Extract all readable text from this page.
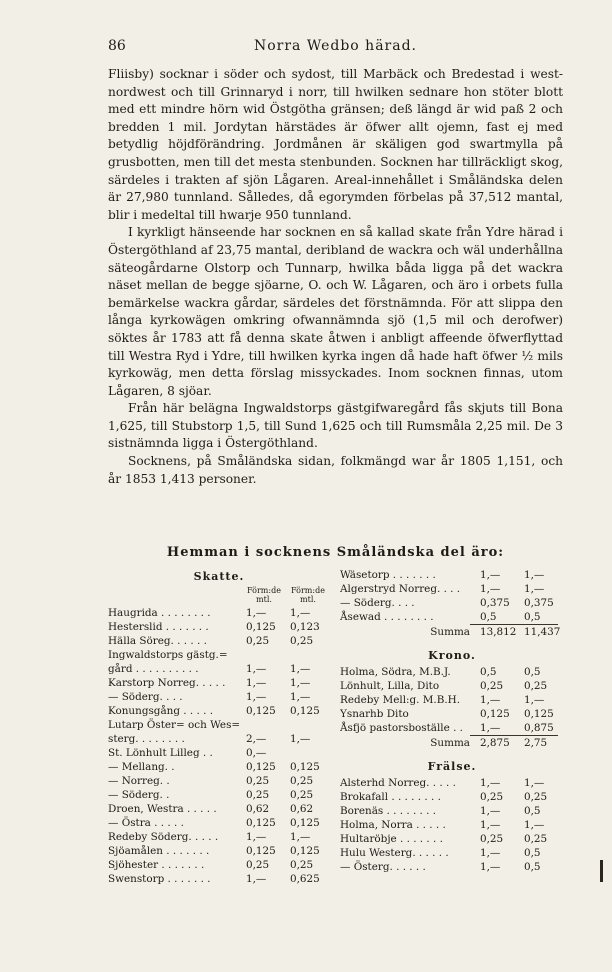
86	Norra Wedbo härad.

Fliisby) socknar i söder och sydost, till Marbäck och Bredestad i west-nordwest och till Grinnaryd i norr, till hwilken sednare hon stöter blott med ett mindre hörn wid Östgötha gränsen; deß längd är wid paß 2 och bredden 1 mil. Jordytan härstädes är öfwer allt ojemn, fast ej med betydlig höjdförändring. Jordmånen är skäligen god swartmylla på grusbotten, men till det mesta stenbunden. Socknen har tillräckligt skog, särdeles i trakten af sjön Lågaren. Areal-innehållet i Småländska delen är 27,980 tunnland. Sålledes, då egorymden förbelas på 37,512 mantal, blir i medeltal till hwarje 950 tunnland.

I kyrkligt hänseende har socknen en så kallad skate från Ydre härad i Östergöthland af 23,75 mantal, deribland de wackra och wäl underhållna säteogårdarne Olstorp och Tunnarp, hwilka båda ligga på det wackra näset mellan de begge sjöarne, O. och W. Lågaren, och äro i orbets fulla bemärkelse wackra gårdar, särdeles det förstnämnda. För att slippa den långa kyrkowägen omkring ofwannämnda sjö (1,5 mil och derofwer) söktes år 1783 att få denna skate åtwen i anbligt affeende öfwerflyttad till Westra Ryd i Ydre, till hwilken kyrka ingen då hade haft öfwer ½ mils kyrkowäg, men detta förslag missyckades. Inom socknen finnas, utom Lågaren, 8 sjöar.

Från här belägna Ingwaldstorps gästgifwaregård fås skjuts till Bona 1,625, till Stubstorp 1,5, till Sund 1,625 och till Rumsmåla 2,25 mil. De 3 sistnämnda ligga i Östergöthland.

Socknens, på Småländska sidan, folkmängd war år 1805 1,151, och år 1853 1,413 personer.

Hemman i socknens Småländska del äro:
Skatte.
Förm:de mtl.
Förm:de mtl.
Haugrida . . . . . . . .	1,—	1,—
Hesterslid . . . . . . .	0,125	0,123
Hälla Söreg. . . . . .	0,25	0,25
Ingwaldstorps gästg.=
gård . . . . . . . . . .	1,—	1,—
Karstorp Norreg. . . . .	1,—	1,—
— Söderg. . . .	1,—	1,—
Konungsgång . . . . .	0,125	0,125
Lutarp Öster= och Wes=
sterg. . . . . . . .	2,—	1,—
St. Lönhult Lilleg . .	0,—
— Mellang. .	0,125	0,125
— Norreg. .	0,25	0,25
— Söderg. .	0,25	0,25
Droen, Westra . . . . .	0,62	0,62
— Östra . . . . .	0,125	0,125
Redeby Söderg. . . . .	1,—	1,—
Sjöamålen . . . . . . .	0,125	0,125
Sjöhester . . . . . . .	0,25	0,25
Swenstorp . . . . . . .	1,—	0,625
Wäsetorp . . . . . . .	1,—	1,—
Algerstryd Norreg. . . .	1,—	1,—
— Söderg. . . .	0,375	0,375
Åsewad . . . . . . . .	0,5	0,5
Summa 13,812 11,437
Krono.
Holma, Södra, M.B.J.	0,5	0,5
Lönhult, Lilla, Dito	0,25	0,25
Redeby Mell:g. M.B.H.	1,—	1,—
Ysnarhb Dito	0,125	0,125
Åsfjö pastorsboställe . .	1,—	0,875
Summa 2,875	2,75
Frälse.
Alsterhd Norreg. . . . .	1,—	1,—
Brokafall . . . . . . . .	0,25	0,25
Borenäs . . . . . . . .	1,—	0,5
Holma, Norra . . . . .	1,—	1,—
Hultaröbje . . . . . . .	0,25	0,25
Hulu Westerg. . . . . .	1,—	0,5
— Österg. . . . . .	1,—	0,5
